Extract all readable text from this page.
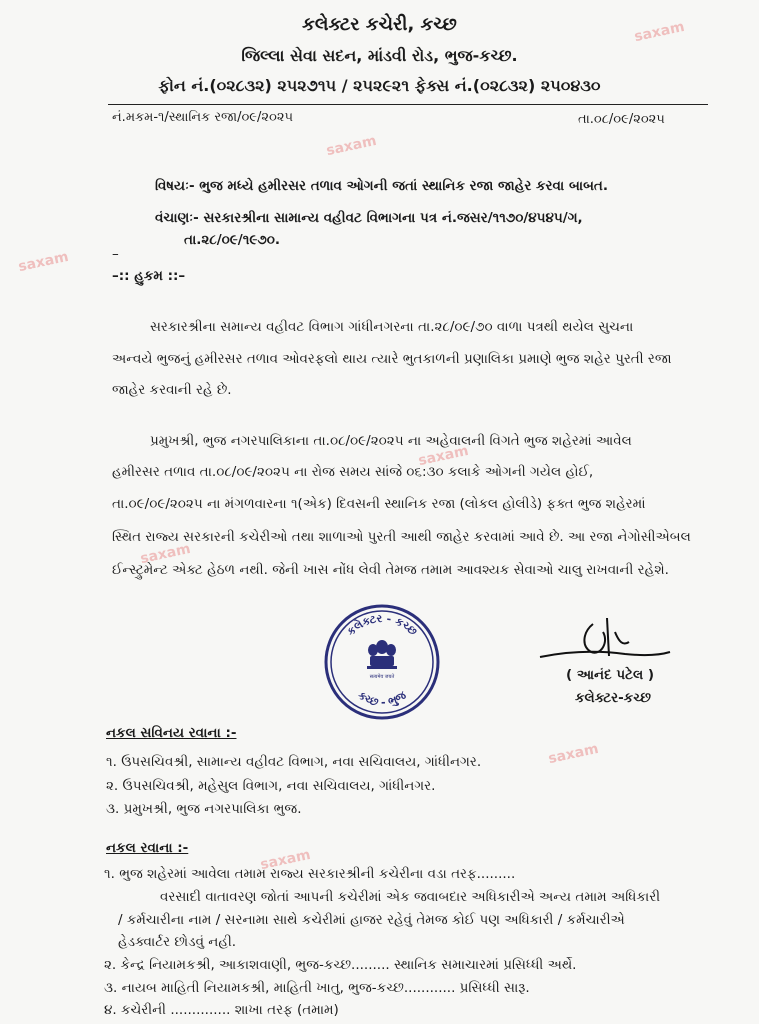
saxam
saxam
saxam
saxam
saxam
saxam
saxam
કલેક્ટર કચેરી, કચ્છ
જિલ્લા સેવા સદન, માંડવી રોડ, ભુજ-કચ્છ.
ફોન નં.(૦૨૮૩૨) ૨૫૨૭૧૫ / ૨૫૨૯૨૧ ફેક્સ નં.(૦૨૮૩૨) ૨૫૦૪૩૦
નં.મકમ-૧/સ્થાનિક રજા/૦૯/૨૦૨૫	તા.૦૮/૦૯/૨૦૨૫
વિષયઃ- ભુજ મધ્યે હમીરસર તળાવ ઓગની જતાં સ્થાનિક રજા જાહેર કરવા બાબત.
વંચાણઃ- સરકારશ્રીના સામાન્ય વહીવટ વિભાગના પત્ર નં.જસર/૧૧૭૦/૪૫૪૫/ગ,
તા.૨૮/૦૯/૧૯૭૦.
–
–:: હુકમ ::–
સરકારશ્રીના સમાન્ય વહીવટ વિભાગ ગાંધીનગરના તા.૨૮/૦૯/૭૦ વાળા પત્રથી થયેલ સુચના
અન્વયે ભુજનું હમીરસર તળાવ ઓવરફલો થાય ત્યારે ભુતકાળની પ્રણાલિકા પ્રમાણે ભુજ શહેર પુરતી રજા
જાહેર કરવાની રહે છે.
પ્રમુખશ્રી, ભુજ નગરપાલિકાના તા.૦૮/૦૯/૨૦૨૫ ના અહેવાલની વિગતે ભુજ શહેરમાં આવેલ
હમીરસર તળાવ તા.૦૮/૦૯/૨૦૨૫ ના રોજ સમય સાંજે ૦૬:૩૦ કલાકે ઓગની ગયેલ હોઈ,
તા.૦૯/૦૯/૨૦૨૫ ના મંગળવારના ૧(એક) દિવસની સ્થાનિક રજા (લોકલ હોલીડે) ફક્ત ભુજ શહેરમાં
સ્થિત રાજ્ય સરકારની કચેરીઓ તથા શાળાઓ પુરતી આથી જાહેર કરવામાં આવે છે. આ રજા નેગોસીએબલ
ઈન્સ્ટ્રુમેન્ટ એક્ટ હેઠળ નથી. જેની ખાસ નોંધ લેવી તેમજ તમામ આવશ્યક સેવાઓ ચાલુ રાખવાની રહેશે.
કલેક્ટર - કચ્છ
કચ્છ - ભુજ
सत्यमेव जयते	( આનંદ પટેલ )
કલેક્ટર-કચ્છ
નકલ સવિનય રવાના :-
૧. ઉપસચિવશ્રી, સામાન્ય વહીવટ વિભાગ, નવા સચિવાલય, ગાંધીનગર.
૨. ઉપસચિવશ્રી, મહેસુલ વિભાગ, નવા સચિવાલય, ગાંધીનગર.
૩. પ્રમુખશ્રી, ભુજ નગરપાલિકા ભુજ.
નકલ રવાના :-
૧. ભુજ શહેરમાં આવેલા તમામ રાજ્ય સરકારશ્રીની કચેરીના વડા તરફ.........
વરસાદી વાતાવરણ જોતાં આપની કચેરીમાં એક જવાબદાર અધિકારીએ અન્ય તમામ અધિકારી
/ કર્મચારીના નામ / સરનામા સાથે કચેરીમાં હાજર રહેવું તેમજ કોઈ પણ અધિકારી / કર્મચારીએ
હેડક્વાર્ટર છોડવું નહી.
૨. કેન્દ્ર નિયામકશ્રી, આકાશવાણી, ભુજ-કચ્છ......... સ્થાનિક સમાચારમાં પ્રસિધ્ધી અર્થે.
૩. નાયબ માહિતી નિયામકશ્રી, માહિતી ખાતુ, ભુજ-કચ્છ............ પ્રસિધ્ધી સારૂ.
૪. કચેરીની .............. શાખા તરફ (તમામ)
